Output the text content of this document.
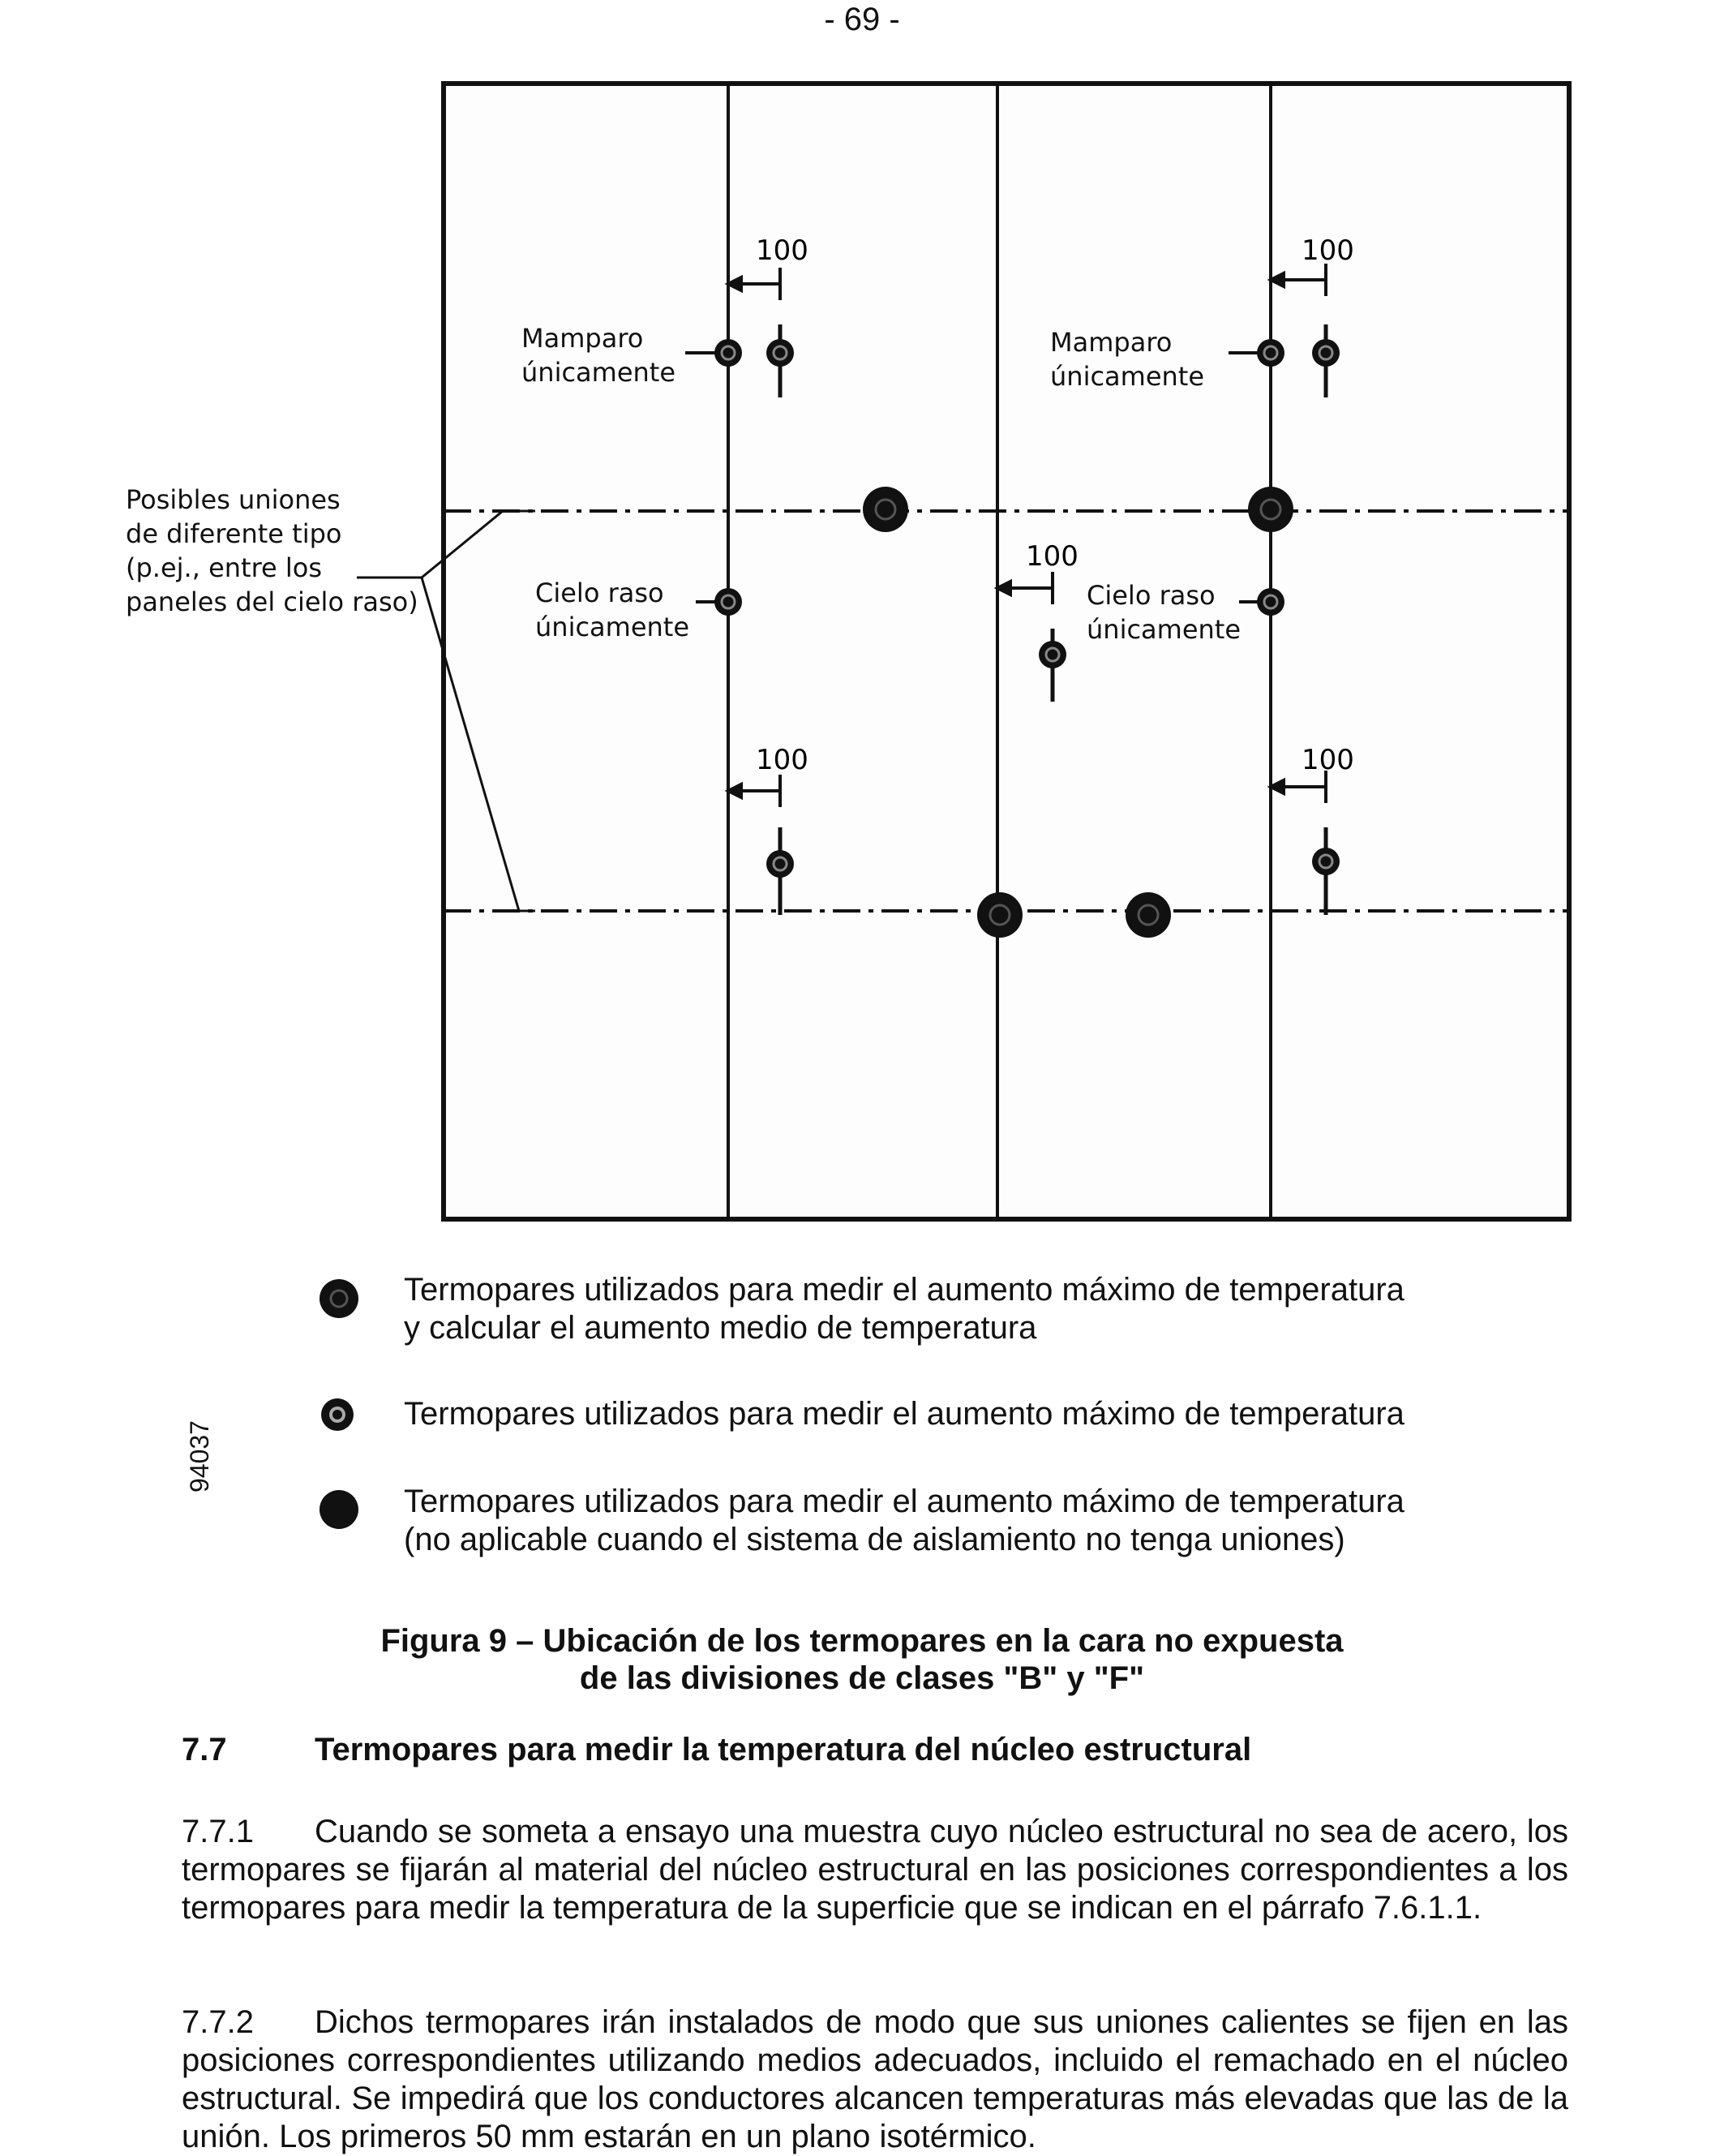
- 69 -
100	100
100
100	100
Mamparo únicamente
Mamparo únicamente
Cielo raso únicamente
Cielo raso únicamente
Posibles uniones de diferente tipo (p.ej., entre los paneles del cielo raso)
Termopares utilizados para medir el aumento máximo de temperatura
y calcular el aumento medio de temperatura
Termopares utilizados para medir el aumento máximo de temperatura
Termopares utilizados para medir el aumento máximo de temperatura
(no aplicable cuando el sistema de aislamiento no tenga uniones)
94037
Figura 9 – Ubicación de los termopares en la cara no expuesta
de las divisiones de clases "B" y "F"
7.7	Termopares para medir la temperatura del núcleo estructural
7.7.1 Cuando se someta a ensayo una muestra cuyo núcleo estructural no sea de acero, los termopares se fijarán al material del núcleo estructural en las posiciones correspondientes a los termopares para medir la temperatura de la superficie que se indican en el párrafo 7.6.1.1.
7.7.2 Dichos termopares irán instalados de modo que sus uniones calientes se fijen en las posiciones correspondientes utilizando medios adecuados, incluido el remachado en el núcleo estructural. Se impedirá que los conductores alcancen temperaturas más elevadas que las de la unión. Los primeros 50 mm estarán en un plano isotérmico.
